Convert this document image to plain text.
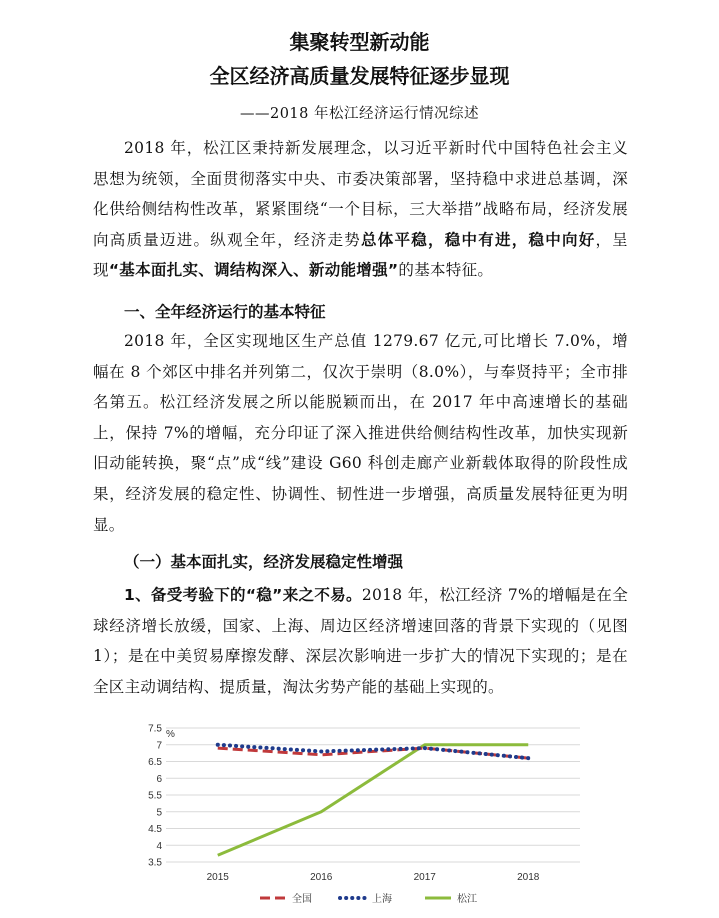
集聚转型新动能
全区经济高质量发展特征逐步显现
——2018 年松江经济运行情况综述
2018 年，松江区秉持新发展理念，以习近平新时代中国特色社会主义思想为统领，全面贯彻落实中央、市委决策部署，坚持稳中求进总基调，深化供给侧结构性改革，紧紧围绕“一个目标，三大举措”战略布局，经济发展向高质量迈进。纵观全年，经济走势总体平稳，稳中有进，稳中向好，呈现“基本面扎实、调结构深入、新动能增强”的基本特征。
一、全年经济运行的基本特征
2018 年，全区实现地区生产总值 1279.67 亿元,可比增长 7.0%，增幅在 8 个郊区中排名并列第二，仅次于崇明（8.0%），与奉贤持平；全市排名第五。松江经济发展之所以能脱颖而出，在 2017 年中高速增长的基础上，保持 7%的增幅，充分印证了深入推进供给侧结构性改革，加快实现新旧动能转换，聚“点”成“线”建设 G60 科创走廊产业新载体取得的阶段性成果，经济发展的稳定性、协调性、韧性进一步增强，高质量发展特征更为明显。
（一）基本面扎实，经济发展稳定性增强
1、备受考验下的“稳”来之不易。2018 年，松江经济 7%的增幅是在全球经济增长放缓，国家、上海、周边区经济增速回落的背景下实现的（见图 1）；是在中美贸易摩擦发酵、深层次影响进一步扩大的情况下实现的；是在全区主动调结构、提质量，淘汰劣势产能的基础上实现的。
3.5
4
4.5
5
5.5
6
6.5
7
7.5 %
2015	2016	2017	2018
全国	上海	松江
